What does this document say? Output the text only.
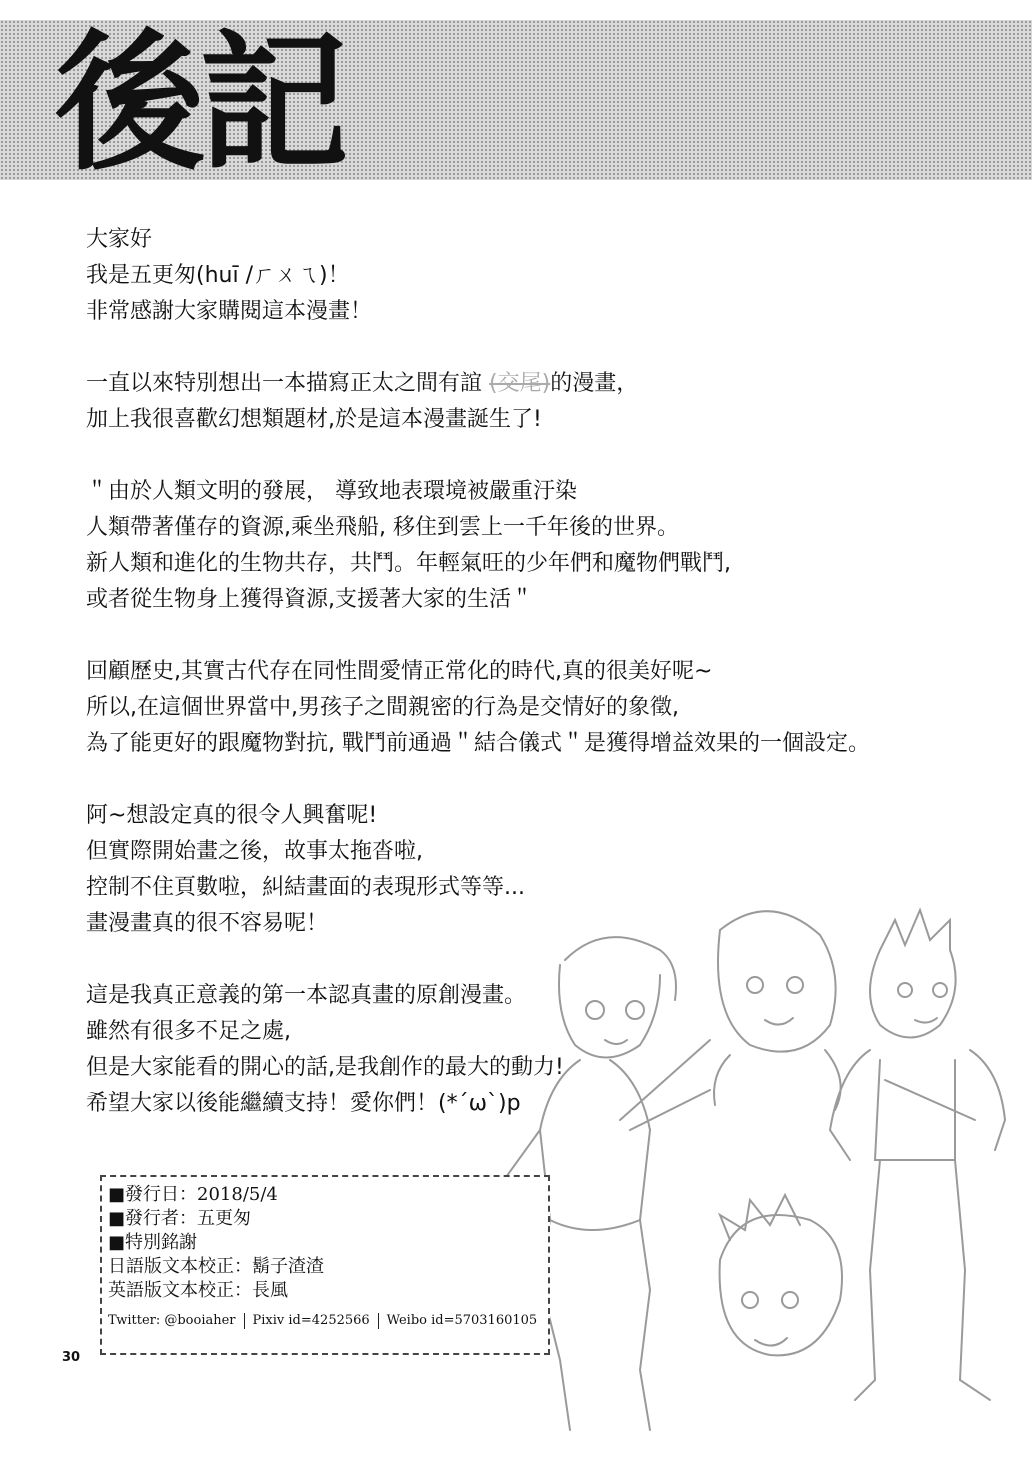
後記
大家好
我是五更匆(huī /ㄏㄨㄟ)！
非常感謝大家購閱這本漫畫！
一直以來特別想出一本描寫正太之間有誼 (交尾)的漫畫，
加上我很喜歡幻想類題材,於是這本漫畫誕生了!
＂由於人類文明的發展， 導致地表環境被嚴重汙染
人類帶著僅存的資源,乘坐飛船, 移住到雲上一千年後的世界。
新人類和進化的生物共存，共鬥。年輕氣旺的少年們和魔物們戰鬥,
或者從生物身上獲得資源,支援著大家的生活＂
回顧歷史,其實古代存在同性間愛情正常化的時代,真的很美好呢~
所以,在這個世界當中,男孩子之間親密的行為是交情好的象徵,
為了能更好的跟魔物對抗, 戰鬥前通過＂結合儀式＂是獲得增益效果的一個設定。
阿~想設定真的很令人興奮呢!
但實際開始畫之後，故事太拖沓啦,
控制不住頁數啦，糾結畫面的表現形式等等...
畫漫畫真的很不容易呢！
這是我真正意義的第一本認真畫的原創漫畫。
雖然有很多不足之處,
但是大家能看的開心的話,是我創作的最大的動力!
希望大家以後能繼續支持！愛你們！(*´ω`)p
■發行日：2018/5/4
■發行者：五更匆
■特別銘謝
日語版文本校正：鬍子渣渣
英語版文本校正：長風
Twitter: @booiaher Pixiv id=4252566 Weibo id=5703160105
30
